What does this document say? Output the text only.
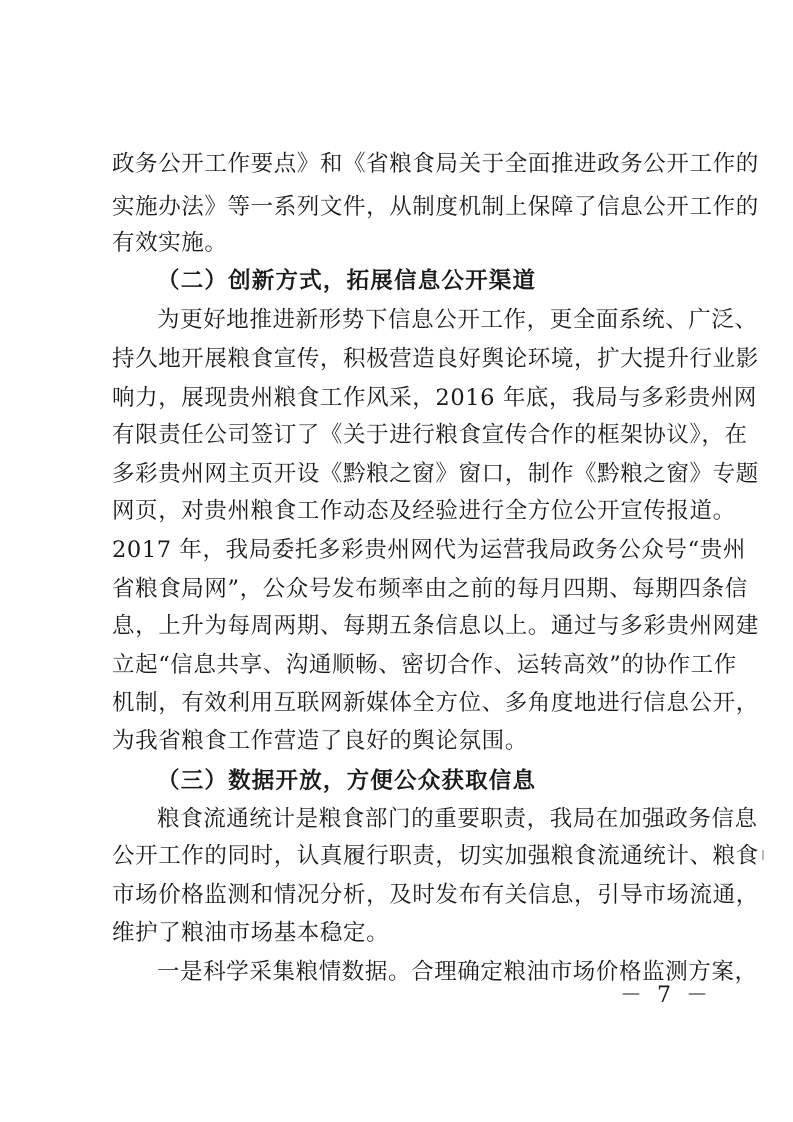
政务公开工作要点》和《省粮食局关于全面推进政务公开工作的
实施办法》等一系列文件，从制度机制上保障了信息公开工作的
有效实施。
（二）创新方式，拓展信息公开渠道
为更好地推进新形势下信息公开工作，更全面系统、广泛、
持久地开展粮食宣传，积极营造良好舆论环境，扩大提升行业影
响力，展现贵州粮食工作风采，2016 年底，我局与多彩贵州网
有限责任公司签订了《关于进行粮食宣传合作的框架协议》，在
多彩贵州网主页开设《黔粮之窗》窗口，制作《黔粮之窗》专题
网页，对贵州粮食工作动态及经验进行全方位公开宣传报道。
2017 年，我局委托多彩贵州网代为运营我局政务公众号“贵州
省粮食局网”，公众号发布频率由之前的每月四期、每期四条信
息，上升为每周两期、每期五条信息以上。通过与多彩贵州网建
立起“信息共享、沟通顺畅、密切合作、运转高效”的协作工作
机制，有效利用互联网新媒体全方位、多角度地进行信息公开，
为我省粮食工作营造了良好的舆论氛围。
（三）数据开放，方便公众获取信息
粮食流通统计是粮食部门的重要职责，我局在加强政务信息
公开工作的同时，认真履行职责，切实加强粮食流通统计、粮食
市场价格监测和情况分析，及时发布有关信息，引导市场流通，
维护了粮油市场基本稳定。
一是科学采集粮情数据。合理确定粮油市场价格监测方案，
－ 7 －
